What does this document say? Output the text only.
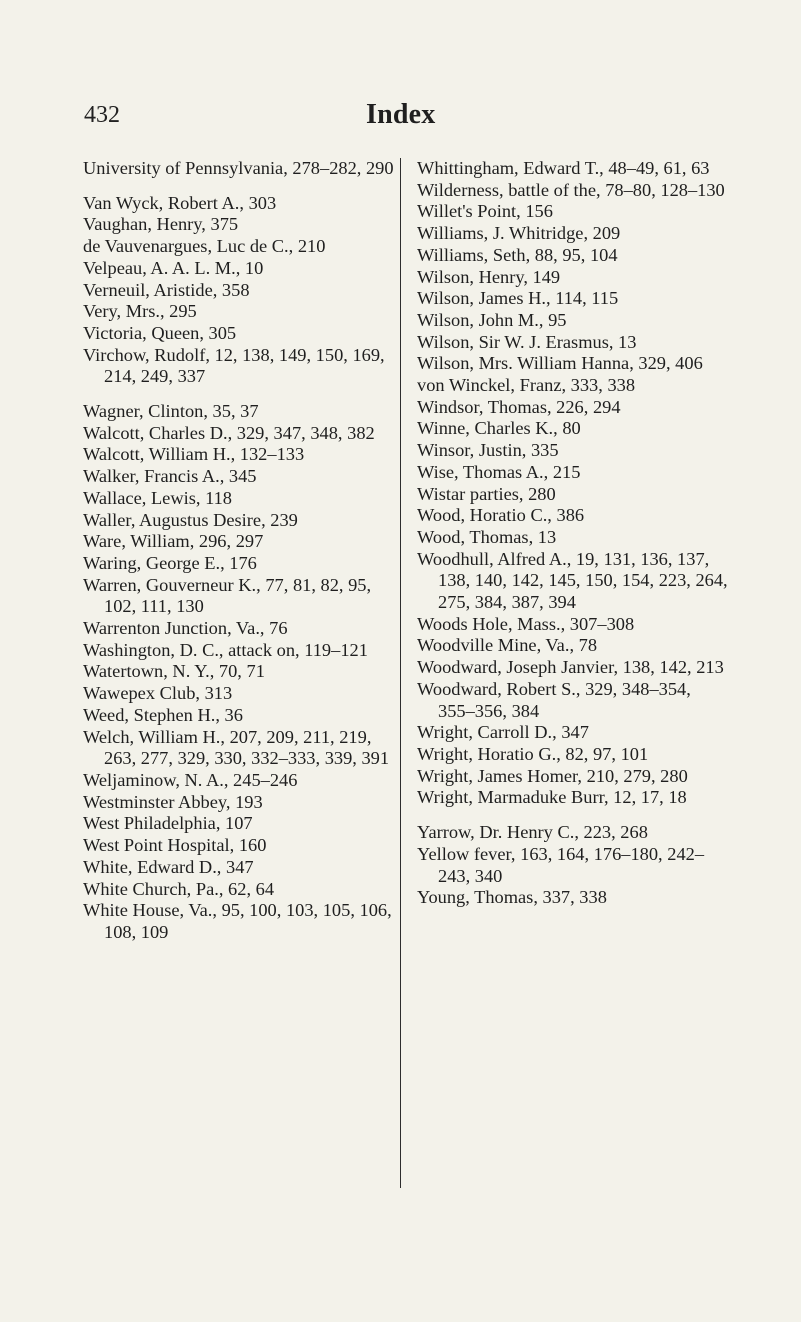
432	Index

University of Pennsylvania, 278–282, 290

Van Wyck, Robert A., 303

Vaughan, Henry, 375

de Vauvenargues, Luc de C., 210

Velpeau, A. A. L. M., 10

Verneuil, Aristide, 358

Very, Mrs., 295

Victoria, Queen, 305

Virchow, Rudolf, 12, 138, 149, 150, 169, 214, 249, 337

Wagner, Clinton, 35, 37

Walcott, Charles D., 329, 347, 348, 382

Walcott, William H., 132–133

Walker, Francis A., 345

Wallace, Lewis, 118

Waller, Augustus Desire, 239

Ware, William, 296, 297

Waring, George E., 176

Warren, Gouverneur K., 77, 81, 82, 95, 102, 111, 130

Warrenton Junction, Va., 76

Washington, D. C., attack on, 119–121

Watertown, N. Y., 70, 71

Wawepex Club, 313

Weed, Stephen H., 36

Welch, William H., 207, 209, 211, 219, 263, 277, 329, 330, 332–333, 339, 391

Weljaminow, N. A., 245–246

Westminster Abbey, 193

West Philadelphia, 107

West Point Hospital, 160

White, Edward D., 347

White Church, Pa., 62, 64

White House, Va., 95, 100, 103, 105, 106, 108, 109

Whittingham, Edward T., 48–49, 61, 63

Wilderness, battle of the, 78–80, 128–130

Willet's Point, 156

Williams, J. Whitridge, 209

Williams, Seth, 88, 95, 104

Wilson, Henry, 149

Wilson, James H., 114, 115

Wilson, John M., 95

Wilson, Sir W. J. Erasmus, 13

Wilson, Mrs. William Hanna, 329, 406

von Winckel, Franz, 333, 338

Windsor, Thomas, 226, 294

Winne, Charles K., 80

Winsor, Justin, 335

Wise, Thomas A., 215

Wistar parties, 280

Wood, Horatio C., 386

Wood, Thomas, 13

Woodhull, Alfred A., 19, 131, 136, 137, 138, 140, 142, 145, 150, 154, 223, 264, 275, 384, 387, 394

Woods Hole, Mass., 307–308

Woodville Mine, Va., 78

Woodward, Joseph Janvier, 138, 142, 213

Woodward, Robert S., 329, 348–354, 355–356, 384

Wright, Carroll D., 347

Wright, Horatio G., 82, 97, 101

Wright, James Homer, 210, 279, 280

Wright, Marmaduke Burr, 12, 17, 18

Yarrow, Dr. Henry C., 223, 268

Yellow fever, 163, 164, 176–180, 242–243, 340

Young, Thomas, 337, 338
